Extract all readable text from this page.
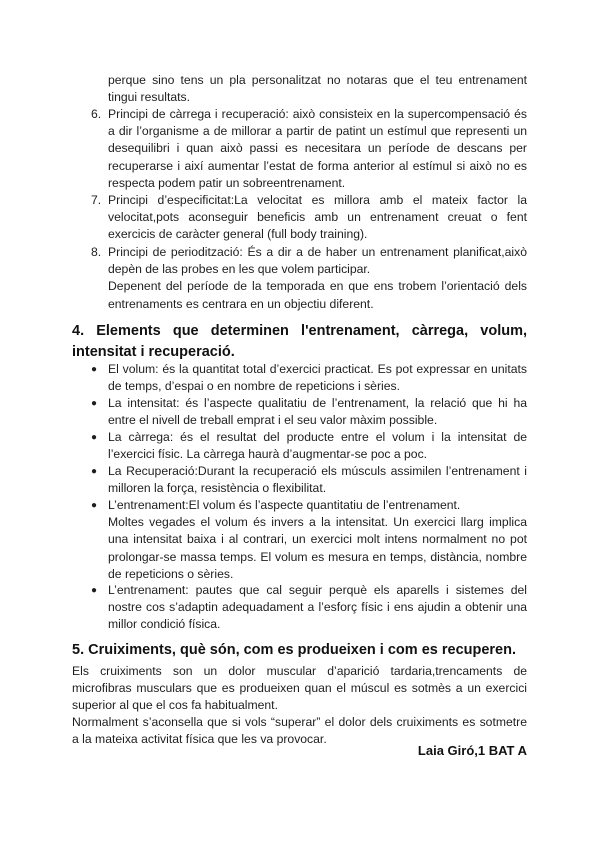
perque sino tens un pla personalitzat no notaras que el teu entrenament tingui resultats.
6. Principi de càrrega i recuperació: això consisteix en la supercompensació és a dir l’organisme a de millorar a partir de patint un estímul que representi un desequilibri i quan això passi es necesitara un període de descans per recuperarse i així aumentar l’estat de forma anterior al estímul si això no es respecta podem patir un sobreentrenament.
7. Principi d’especificitat:La velocitat es millora amb el mateix factor la velocitat,pots aconseguir beneficis amb un entrenament creuat o fent exercicis de caràcter general (full body training).
8. Principi de periodització: És a dir a de haber un entrenament planificat,això depèn de las probes en les que volem participar.
Depenent del període de la temporada en que ens trobem l’orientació dels entrenaments es centrara en un objectiu diferent.
4. Elements que determinen l'entrenament, càrrega, volum, intensitat i recuperació.
● El volum: és la quantitat total d’exercici practicat. Es pot expressar en unitats de temps, d’espai o en nombre de repeticions i sèries.
● La intensitat: és l’aspecte qualitatiu de l’entrenament, la relació que hi ha entre el nivell de treball emprat i el seu valor màxim possible.
● La càrrega: és el resultat del producte entre el volum i la intensitat de l’exercici físic. La càrrega haurà d’augmentar-se poc a poc.
● La Recuperació:Durant la recuperació els músculs assimilen l’entrenament i milloren la força, resistència o flexibilitat.
● L’entrenament:El volum és l’aspecte quantitatiu de l’entrenament.
Moltes vegades el volum és invers a la intensitat. Un exercici llarg implica una intensitat baixa i al contrari, un exercici molt intens normalment no pot prolongar-se massa temps. El volum es mesura en temps, distància, nombre de repeticions o sèries.
● L’entrenament: pautes que cal seguir perquè els aparells i sistemes del nostre cos s’adaptin adequadament a l’esforç físic i ens ajudin a obtenir una millor condició física.
5. Cruiximents, què són, com es produeixen i com es recuperen.
Els cruiximents son un dolor muscular d’aparició tardaria,trencaments de microfibras musculars que es produeixen quan el múscul es sotmès a un exercici superior al que el cos fa habitualment.
Normalment s’aconsella que si vols “superar” el dolor dels cruiximents es sotmetre a la mateixa activitat física que les va provocar.
Laia Giró,1 BAT A
